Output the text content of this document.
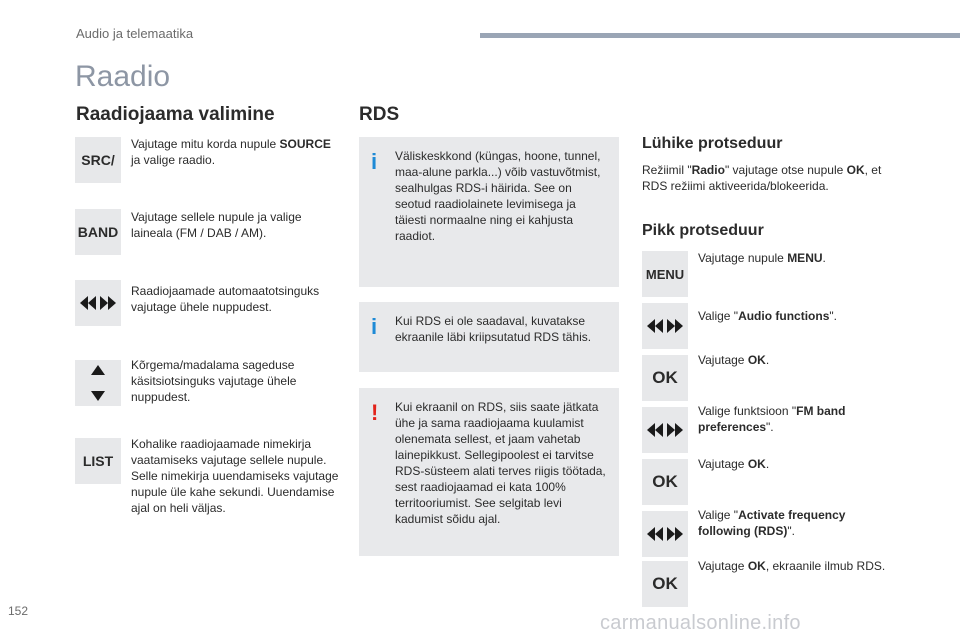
Audio ja telemaatika
Raadio
Raadiojaama valimine
SRC/
Vajutage mitu korda nupule SOURCE ja valige raadio.
BAND
Vajutage sellele nupule ja valige laineala (FM / DAB / AM).
Raadiojaamade automaatotsinguks vajutage ühele nuppudest.
Kõrgema/madalama sageduse käsitsiotsinguks vajutage ühele nuppudest.
LIST
Kohalike raadiojaamade nimekirja vaatamiseks vajutage sellele nupule. Selle nimekirja uuendamiseks vajutage nupule üle kahe sekundi. Uuendamise ajal on heli väljas.
RDS
i Väliskeskkond (küngas, hoone, tunnel, maa-alune parkla...) võib vastuvõtmist, sealhulgas RDS-i häirida. See on seotud raadiolainete levimisega ja täiesti normaalne ning ei kahjusta raadiot.
i Kui RDS ei ole saadaval, kuvatakse ekraanile läbi kriipsutatud RDS tähis.
! Kui ekraanil on RDS, siis saate jätkata ühe ja sama raadiojaama kuulamist olenemata sellest, et jaam vahetab lainepikkust. Sellegipoolest ei tarvitse RDS-süsteem alati terves riigis töötada, sest raadiojaamad ei kata 100% territooriumist. See selgitab levi kadumist sõidu ajal.
Lühike protseduur
Režiimil "Radio" vajutage otse nupule OK, et RDS režiimi aktiveerida/blokeerida.
Pikk protseduur
MENU
Vajutage nupule MENU.
Valige "Audio functions".
OK
Vajutage OK.
Valige funktsioon "FM band preferences".
OK
Vajutage OK.
Valige "Activate frequency following (RDS)".
OK
Vajutage OK, ekraanile ilmub RDS.
152
carmanualsonline.info
